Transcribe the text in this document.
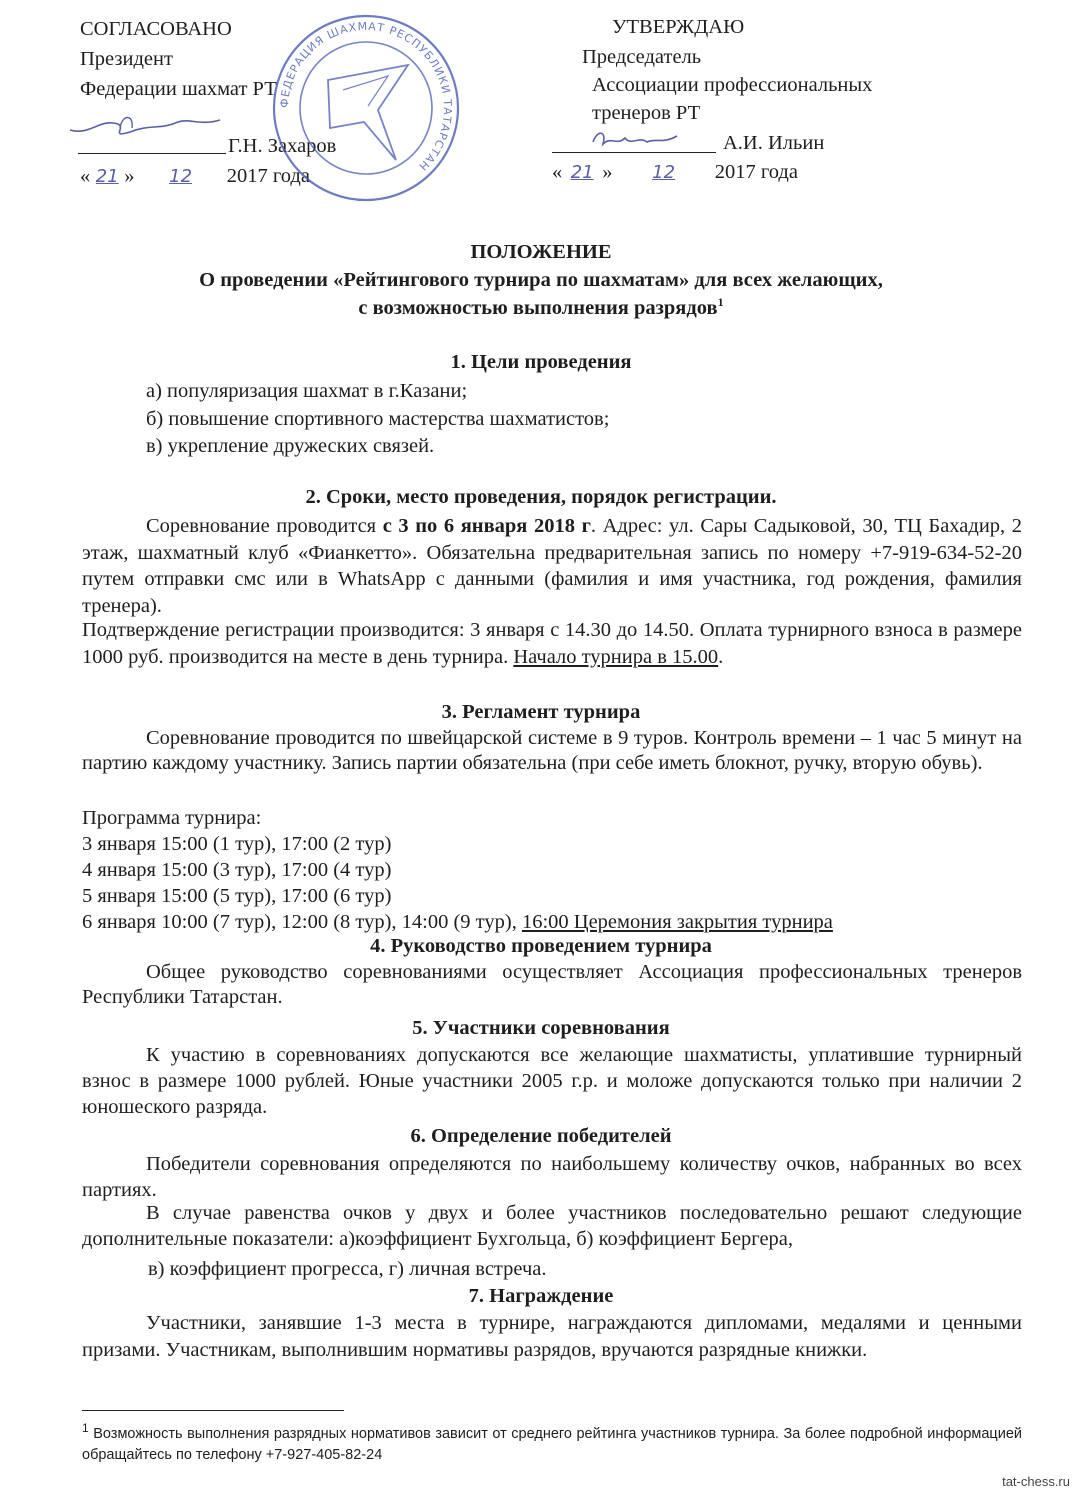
СОГЛАСОВАНО
Президент
Федерации шахмат РТ
Г.Н. Захаров
« 21 » 12 2017 года
ФЕДЕРАЦИЯ ШАХМАТ РЕСПУБЛИКИ ТАТАРСТАН
УТВЕРЖДАЮ
Председатель
Ассоциации профессиональных
тренеров РТ
А.И. Ильин
« 21 » 12 2017 года
ПОЛОЖЕНИЕ
О проведении «Рейтингового турнира по шахматам» для всех желающих,
с возможностью выполнения разрядов$^1$
1. Цели проведения
а) популяризация шахмат в г.Казани;
б) повышение спортивного мастерства шахматистов;
в) укрепление дружеских связей.
2. Сроки, место проведения, порядок регистрации.
Соревнование проводится с 3 по 6 января 2018 г. Адрес: ул. Сары Садыковой, 30, ТЦ Бахадир, 2 этаж, шахматный клуб «Фианкетто». Обязательна предварительная запись по номеру +7-919-634-52-20 путем отправки смс или в WhatsApp с данными (фамилия и имя участника, год рождения, фамилия тренера).
Подтверждение регистрации производится: 3 января с 14.30 до 14.50. Оплата турнирного взноса в размере 1000 руб. производится на месте в день турнира. Начало турнира в 15.00.
3. Регламент турнира
Соревнование проводится по швейцарской системе в 9 туров. Контроль времени – 1 час 5 минут на партию каждому участнику. Запись партии обязательна (при себе иметь блокнот, ручку, вторую обувь).
Программа турнира:
3 января 15:00 (1 тур), 17:00 (2 тур)
4 января 15:00 (3 тур), 17:00 (4 тур)
5 января 15:00 (5 тур), 17:00 (6 тур)
6 января 10:00 (7 тур), 12:00 (8 тур), 14:00 (9 тур), 16:00 Церемония закрытия турнира
4. Руководство проведением турнира
Общее руководство соревнованиями осуществляет Ассоциация профессиональных тренеров Республики Татарстан.
5. Участники соревнования
К участию в соревнованиях допускаются все желающие шахматисты, уплатившие турнирный взнос в размере 1000 рублей. Юные участники 2005 г.р. и моложе допускаются только при наличии 2 юношеского разряда.
6. Определение победителей
Победители соревнования определяются по наибольшему количеству очков, набранных во всех партиях.
В случае равенства очков у двух и более участников последовательно решают следующие дополнительные показатели: а)коэффициент Бухгольца, б) коэффициент Бергера,
в) коэффициент прогресса, г) личная встреча.
7. Награждение
Участники, занявшие 1-3 места в турнире, награждаются дипломами, медалями и ценными призами. Участникам, выполнившим нормативы разрядов, вручаются разрядные книжки.
$^1$ Возможность выполнения разрядных нормативов зависит от среднего рейтинга участников турнира. За более подробной информацией обращайтесь по телефону +7-927-405-82-24
tat-chess.ru
